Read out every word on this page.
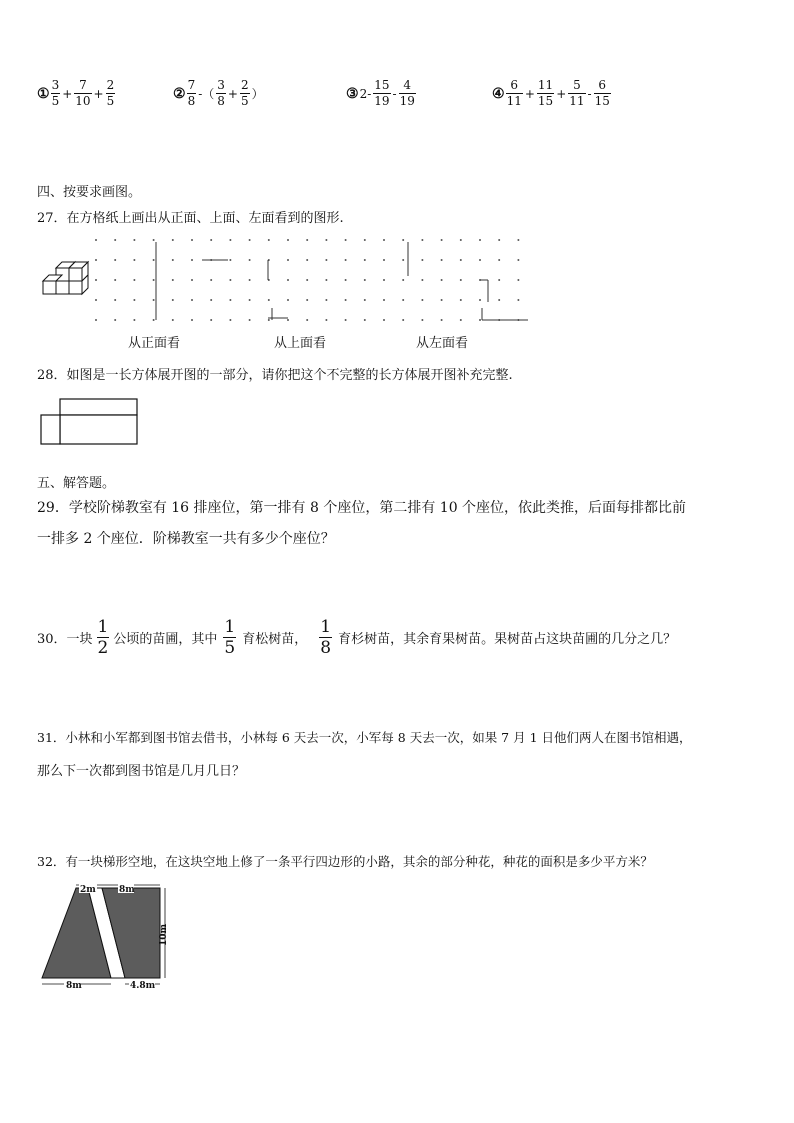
① $\frac{3}{5} + \frac{7}{10} + \frac{2}{5}$	② $\frac{7}{8}$ -（ $\frac{3}{8} + \frac{2}{5}$ ）	③ $2- \frac{15}{19} - \frac{4}{19}$	④ $\frac{6}{11} + \frac{11}{15} + \frac{5}{11} - \frac{6}{15}$
四、按要求画图。
27．在方格纸上画出从正面、上面、左面看到的图形.
从正面看	从上面看	从左面看
28．如图是一长方体展开图的一部分，请你把这个不完整的长方体展开图补充完整.
五、解答题。
29．学校阶梯教室有 16 排座位，第一排有 8 个座位，第二排有 10 个座位，依此类推，后面每排都比前
一排多 2 个座位．阶梯教室一共有多少个座位？
30．一块 $\frac{1}{2}$ 公顷的苗圃，其中 $\frac{1}{5}$ 育松树苗， $\frac{1}{8}$ 育杉树苗，其余育果树苗。果树苗占这块苗圃的几分之几？
31．小林和小军都到图书馆去借书，小林每 6 天去一次，小军每 8 天去一次，如果 7 月 1 日他们两人在图书馆相遇，
那么下一次都到图书馆是几月几日？
32．有一块梯形空地，在这块空地上修了一条平行四边形的小路，其余的部分种花，种花的面积是多少平方米？
2m	8m
10m
8m	4.8m
